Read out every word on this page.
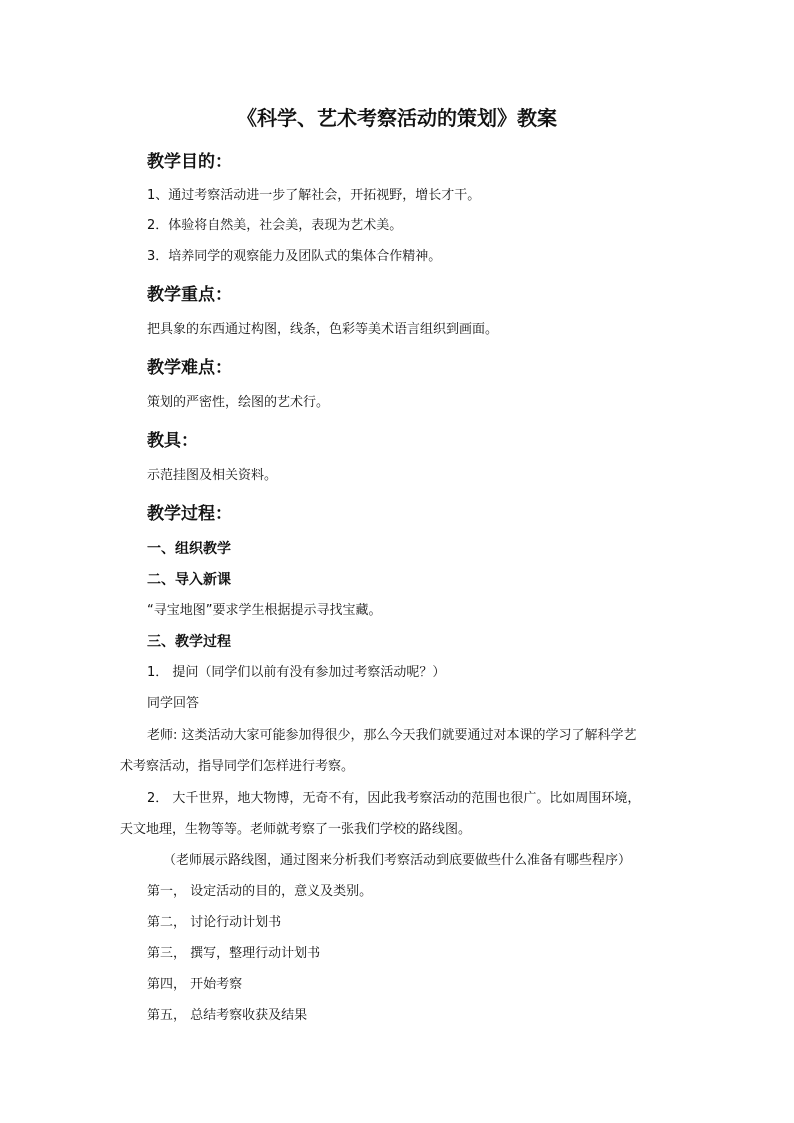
《科学、艺术考察活动的策划》教案
教学目的：
1、通过考察活动进一步了解社会，开拓视野，增长才干。
2．体验将自然美，社会美，表现为艺术美。
3．培养同学的观察能力及团队式的集体合作精神。
教学重点：
把具象的东西通过构图，线条，色彩等美术语言组织到画面。
教学难点：
策划的严密性，绘图的艺术行。
教具：
示范挂图及相关资料。
教学过程：
一、组织教学
二、导入新课
“寻宝地图”要求学生根据提示寻找宝藏。
三、教学过程
1． 提问（同学们以前有没有参加过考察活动呢？）
同学回答
老师: 这类活动大家可能参加得很少，那么今天我们就要通过对本课的学习了解科学艺
术考察活动，指导同学们怎样进行考察。
2． 大千世界，地大物博，无奇不有，因此我考察活动的范围也很广。比如周围环境，
天文地理，生物等等。老师就考察了一张我们学校的路线图。
（老师展示路线图，通过图来分析我们考察活动到底要做些什么准备有哪些程序）
第一， 设定活动的目的，意义及类别。
第二， 讨论行动计划书
第三， 撰写，整理行动计划书
第四， 开始考察
第五， 总结考察收获及结果
